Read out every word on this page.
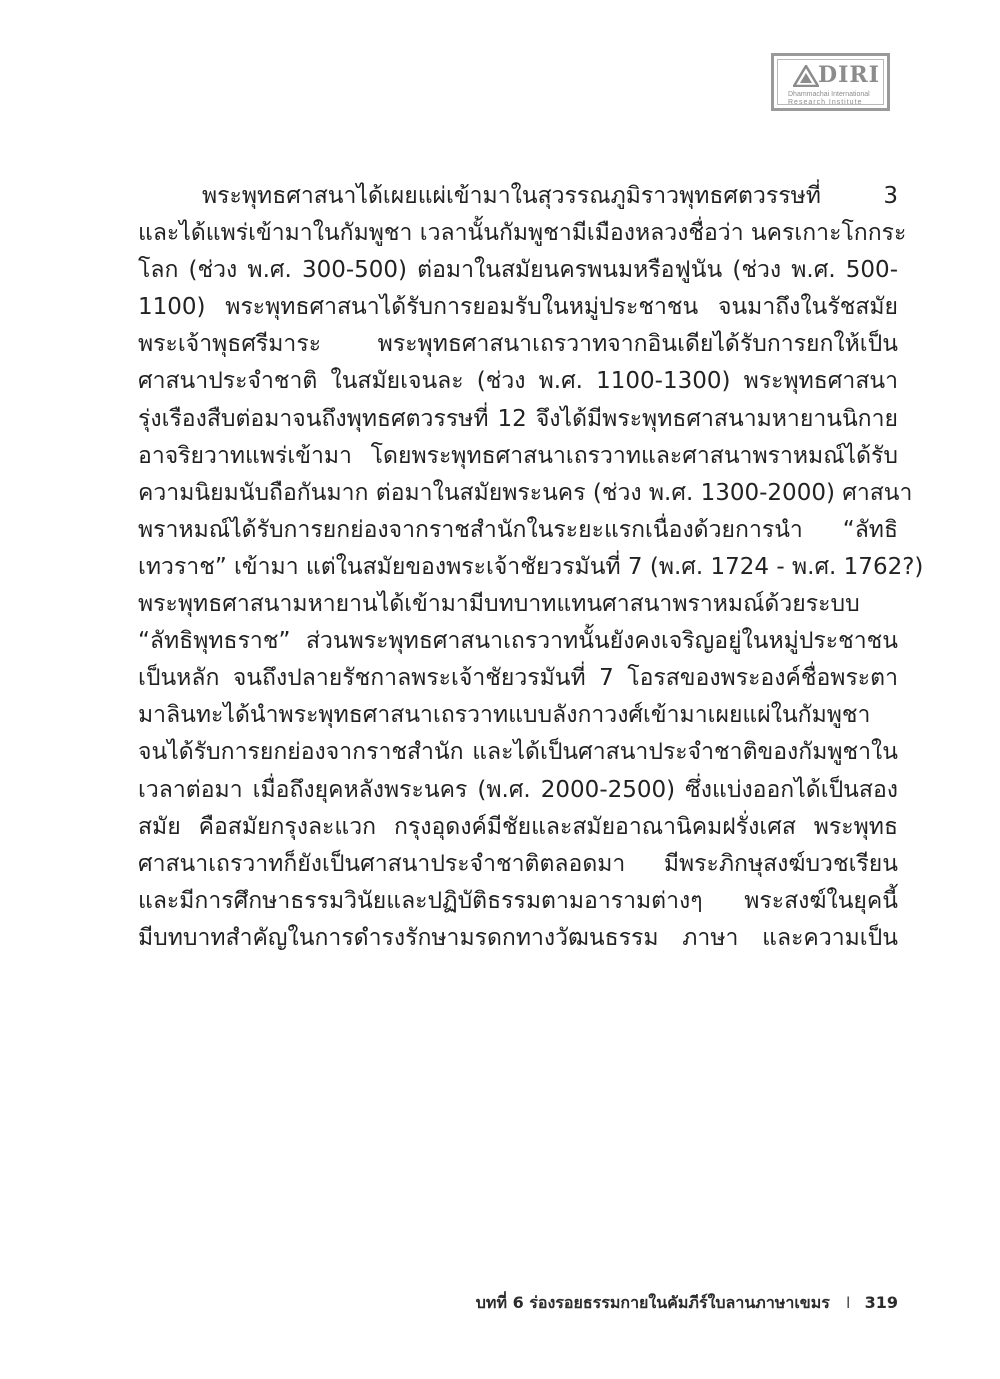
DIRI
Dhammachai International
Research Institute
พระพุทธศาสนาได้เผยแผ่เข้ามาในสุวรรณภูมิราวพุทธศตวรรษที่ 3
และได้แพร่เข้ามาในกัมพูชา เวลานั้นกัมพูชามีเมืองหลวงชื่อว่า นครเกาะโกกระ
โลก (ช่วง พ.ศ. 300-500) ต่อมาในสมัยนครพนมหรือฟูนัน (ช่วง พ.ศ. 500-
1100) พระพุทธศาสนาได้รับการยอมรับในหมู่ประชาชน จนมาถึงในรัชสมัย
พระเจ้าพุธศรีมาระ พระพุทธศาสนาเถรวาทจากอินเดียได้รับการยกให้เป็น
ศาสนาประจำชาติ ในสมัยเจนละ (ช่วง พ.ศ. 1100-1300) พระพุทธศาสนา
รุ่งเรืองสืบต่อมาจนถึงพุทธศตวรรษที่ 12 จึงได้มีพระพุทธศาสนามหายานนิกาย
อาจริยวาทแพร่เข้ามา โดยพระพุทธศาสนาเถรวาทและศาสนาพราหมณ์ได้รับ
ความนิยมนับถือกันมาก ต่อมาในสมัยพระนคร (ช่วง พ.ศ. 1300-2000) ศาสนา
พราหมณ์ได้รับการยกย่องจากราชสำนักในระยะแรกเนื่องด้วยการนำ “ลัทธิ
เทวราช” เข้ามา แต่ในสมัยของพระเจ้าชัยวรมันที่ 7 (พ.ศ. 1724 - พ.ศ. 1762?)
พระพุทธศาสนามหายานได้เข้ามามีบทบาทแทนศาสนาพราหมณ์ด้วยระบบ
“ลัทธิพุทธราช” ส่วนพระพุทธศาสนาเถรวาทนั้นยังคงเจริญอยู่ในหมู่ประชาชน
เป็นหลัก จนถึงปลายรัชกาลพระเจ้าชัยวรมันที่ 7 โอรสของพระองค์ชื่อพระตา
มาลินทะได้นำพระพุทธศาสนาเถรวาทแบบลังกาวงศ์เข้ามาเผยแผ่ในกัมพูชา
จนได้รับการยกย่องจากราชสำนัก และได้เป็นศาสนาประจำชาติของกัมพูชาใน
เวลาต่อมา เมื่อถึงยุคหลังพระนคร (พ.ศ. 2000-2500) ซึ่งแบ่งออกได้เป็นสอง
สมัย คือสมัยกรุงละแวก กรุงอุดงค์มีชัยและสมัยอาณานิคมฝรั่งเศส พระพุทธ
ศาสนาเถรวาทก็ยังเป็นศาสนาประจำชาติตลอดมา มีพระภิกษุสงฆ์บวชเรียน
และมีการศึกษาธรรมวินัยและปฏิบัติธรรมตามอารามต่างๆ พระสงฆ์ในยุคนี้
มีบทบาทสำคัญในการดำรงรักษามรดกทางวัฒนธรรม ภาษา และความเป็น
บทที่ 6 ร่องรอยธรรมกายในคัมภีร์ใบลานภาษาเขมร I 319
